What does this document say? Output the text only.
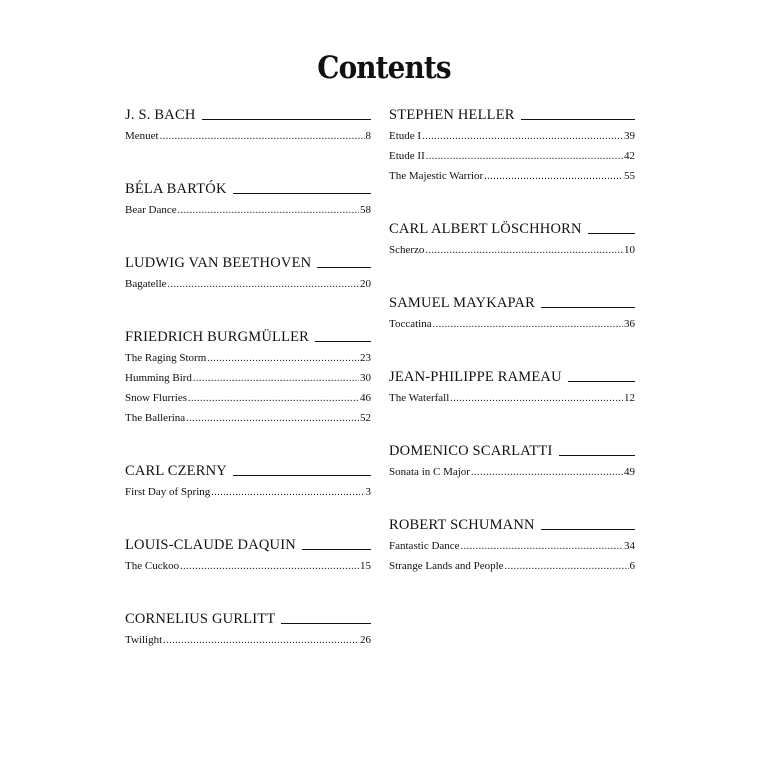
Contents
J. S. BACH
Menuet .....	8
BÉLA BARTÓK
Bear Dance .....	58
LUDWIG VAN BEETHOVEN
Bagatelle .....	20
FRIEDRICH BURGMÜLLER
The Raging Storm .....	23
Humming Bird .....	30
Snow Flurries .....	46
The Ballerina .....	52
CARL CZERNY
First Day of Spring .....	3
LOUIS-CLAUDE DAQUIN
The Cuckoo .....	15
CORNELIUS GURLITT
Twilight .....	26
STEPHEN HELLER
Etude I .....	39
Etude II .....	42
The Majestic Warrior .....	55
CARL ALBERT LÖSCHHORN
Scherzo .....	10
SAMUEL MAYKAPAR
Toccatina .....	36
JEAN-PHILIPPE RAMEAU
The Waterfall .....	12
DOMENICO SCARLATTI
Sonata in C Major .....	49
ROBERT SCHUMANN
Fantastic Dance .....	34
Strange Lands and People .....	6
